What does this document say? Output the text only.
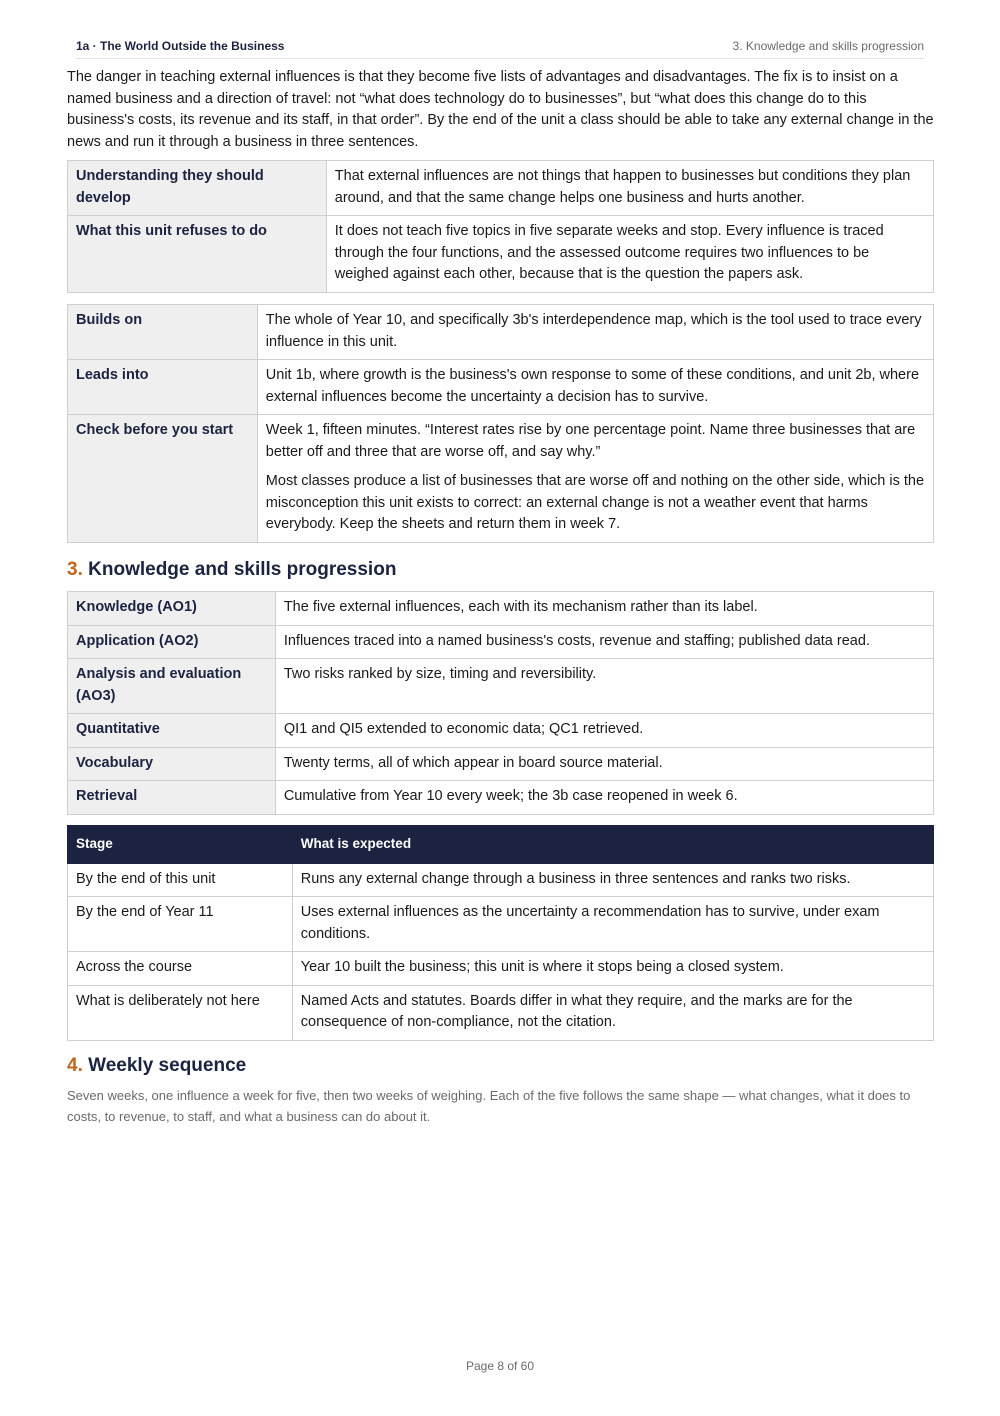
1a · The World Outside the Business	3. Knowledge and skills progression

The danger in teaching external influences is that they become five lists of advantages and disadvantages. The fix is to insist on a named business and a direction of travel: not “what does technology do to businesses”, but “what does this change do to this business's costs, its revenue and its staff, in that order”. By the end of the unit a class should be able to take any external change in the news and run it through a business in three sentences.

Understanding they should develop	That external influences are not things that happen to businesses but conditions they plan around, and that the same change helps one business and hurts another.
What this unit refuses to do	It does not teach five topics in five separate weeks and stop. Every influence is traced through the four functions, and the assessed outcome requires two influences to be weighed against each other, because that is the question the papers ask.
Builds on	The whole of Year 10, and specifically 3b's interdependence map, which is the tool used to trace every influence in this unit.
Leads into	Unit 1b, where growth is the business's own response to some of these conditions, and unit 2b, where external influences become the uncertainty a decision has to survive.
Check before you start	Week 1, fifteen minutes. “Interest rates rise by one percentage point. Name three businesses that are better off and three that are worse off, and say why.”

Most classes produce a list of businesses that are worse off and nothing on the other side, which is the misconception this unit exists to correct: an external change is not a weather event that harms everybody. Keep the sheets and return them in week 7.

3. Knowledge and skills progression
Knowledge (AO1)	The five external influences, each with its mechanism rather than its label.
Application (AO2)	Influences traced into a named business's costs, revenue and staffing; published data read.
Analysis and evaluation (AO3)	Two risks ranked by size, timing and reversibility.
Quantitative	QI1 and QI5 extended to economic data; QC1 retrieved.
Vocabulary	Twenty terms, all of which appear in board source material.
Retrieval	Cumulative from Year 10 every week; the 3b case reopened in week 6.
Stage	What is expected
By the end of this unit	Runs any external change through a business in three sentences and ranks two risks.
By the end of Year 11	Uses external influences as the uncertainty a recommendation has to survive, under exam conditions.
Across the course	Year 10 built the business; this unit is where it stops being a closed system.
What is deliberately not here	Named Acts and statutes. Boards differ in what they require, and the marks are for the consequence of non-compliance, not the citation.
4. Weekly sequence

Seven weeks, one influence a week for five, then two weeks of weighing. Each of the five follows the same shape — what changes, what it does to costs, to revenue, to staff, and what a business can do about it.

Page 8 of 60
